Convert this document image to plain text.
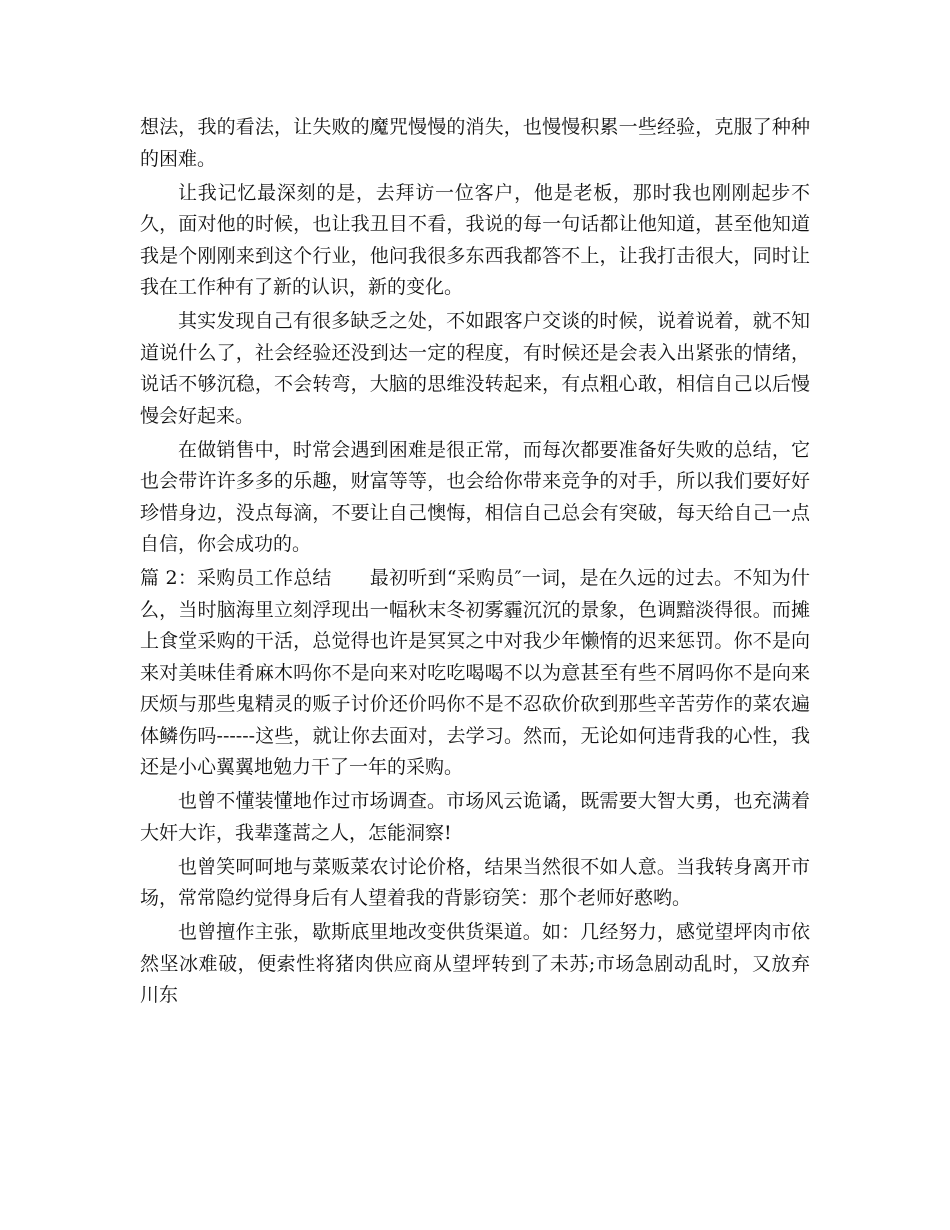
想法，我的看法，让失败的魔咒慢慢的消失，也慢慢积累一些经验，克服了种种的困难。

让我记忆最深刻的是，去拜访一位客户，他是老板，那时我也刚刚起步不久，面对他的时候，也让我丑目不看，我说的每一句话都让他知道，甚至他知道我是个刚刚来到这个行业，他问我很多东西我都答不上，让我打击很大，同时让我在工作种有了新的认识，新的变化。

其实发现自己有很多缺乏之处，不如跟客户交谈的时候，说着说着，就不知道说什么了，社会经验还没到达一定的程度，有时候还是会表入出紧张的情绪，说话不够沉稳，不会转弯，大脑的思维没转起来，有点粗心敢，相信自己以后慢慢会好起来。

在做销售中，时常会遇到困难是很正常，而每次都要准备好失败的总结，它也会带许许多多的乐趣，财富等等，也会给你带来竞争的对手，所以我们要好好珍惜身边，没点每滴，不要让自己懊悔，相信自己总会有突破，每天给自己一点自信，你会成功的。

篇 2：采购员工作总结 最初听到“采购员″一词，是在久远的过去。不知为什么，当时脑海里立刻浮现出一幅秋末冬初雾霾沉沉的景象，色调黯淡得很。而摊上食堂采购的干活，总觉得也许是冥冥之中对我少年懒惰的迟来惩罚。你不是向来对美味佳肴麻木吗你不是向来对吃吃喝喝不以为意甚至有些不屑吗你不是向来厌烦与那些鬼精灵的贩子讨价还价吗你不是不忍砍价砍到那些辛苦劳作的菜农遍体鳞伤吗------这些，就让你去面对，去学习。然而，无论如何违背我的心性，我还是小心翼翼地勉力干了一年的采购。

也曾不懂装懂地作过市场调查。市场风云诡谲，既需要大智大勇，也充满着大奸大诈，我辈蓬蒿之人，怎能洞察!

也曾笑呵呵地与菜贩菜农讨论价格，结果当然很不如人意。当我转身离开市场，常常隐约觉得身后有人望着我的背影窃笑：那个老师好憨哟。

也曾擅作主张，歇斯底里地改变供货渠道。如：几经努力，感觉望坪肉市依然坚冰难破，便索性将猪肉供应商从望坪转到了未苏;市场急剧动乱时，又放弃川东
